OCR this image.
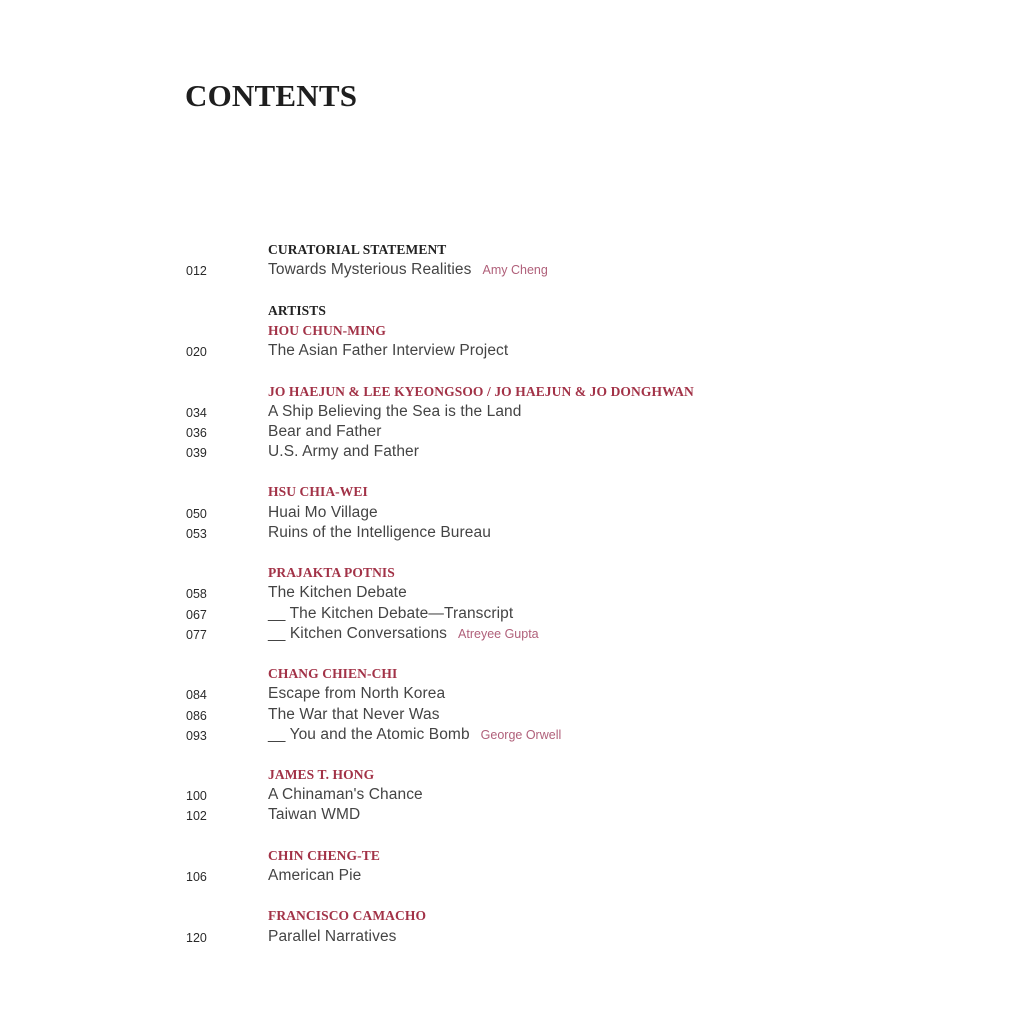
CONTENTS
CURATORIAL STATEMENT
012	Towards Mysterious Realities Amy Cheng
ARTISTS
HOU CHUN-MING
020	The Asian Father Interview Project
JO HAEJUN & LEE KYEONGSOO / JO HAEJUN & JO DONGHWAN
034	A Ship Believing the Sea is the Land
036	Bear and Father
039	U.S. Army and Father
HSU CHIA-WEI
050	Huai Mo Village
053	Ruins of the Intelligence Bureau
PRAJAKTA POTNIS
058	The Kitchen Debate
067	__ The Kitchen Debate—Transcript
077	__ Kitchen Conversations Atreyee Gupta
CHANG CHIEN-CHI
084	Escape from North Korea
086	The War that Never Was
093	__ You and the Atomic Bomb George Orwell
JAMES T. HONG
100	A Chinaman's Chance
102	Taiwan WMD
CHIN CHENG-TE
106	American Pie
FRANCISCO CAMACHO
120	Parallel Narratives
